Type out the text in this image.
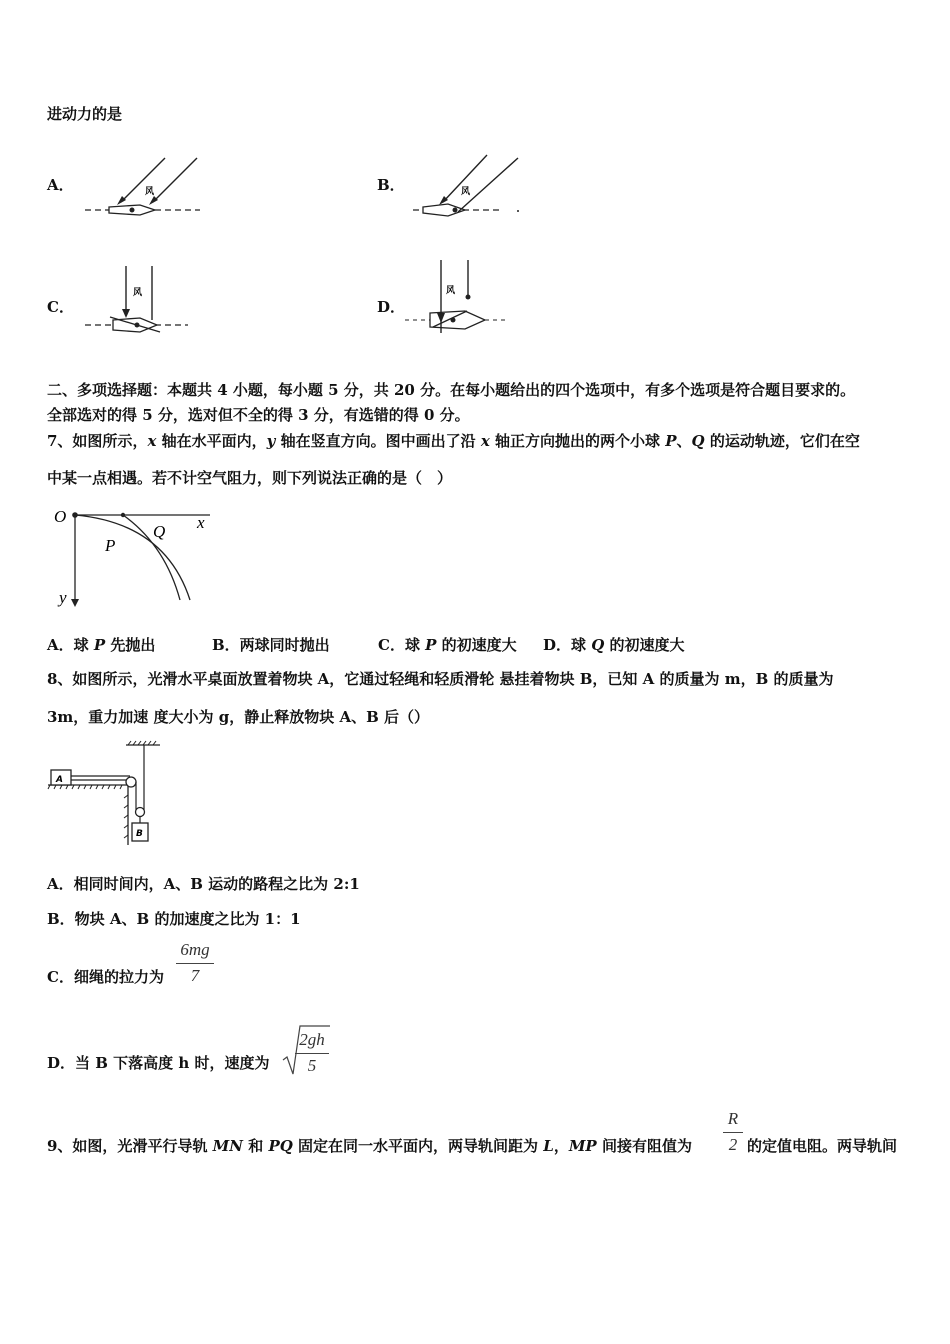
进动力的是
A．	风	B．	风
C．
风
D．
风
二、多项选择题：本题共 4 小题，每小题 5 分，共 20 分。在每小题给出的四个选项中，有多个选项是符合题目要求的。
全部选对的得 5 分，选对但不全的得 3 分，有选错的得 0 分。
7、如图所示，x 轴在水平面内，y 轴在竖直方向。图中画出了沿 x 轴正方向抛出的两个小球 P、Q 的运动轨迹，它们在空
中某一点相遇。若不计空气阻力，则下列说法正确的是（　）
O	x
y
P
Q
A．球 P 先抛出	B．两球同时抛出	C．球 P 的初速度大 D．球 Q 的初速度大
8、如图所示，光滑水平桌面放置着物块 A，它通过轻绳和轻质滑轮 悬挂着物块 B，已知 A 的质量为 m，B 的质量为
3m，重力加速 度大小为 g，静止释放物块 A、B 后（）
A
B
A．相同时间内，A、B 运动的路程之比为 2:1
B．物块 A、B 的加速度之比为 1：1
C．细绳的拉力为
6mg
7
D．当 B 下落高度 h 时，速度为
2gh
5
9、如图，光滑平行导轨 MN 和 PQ 固定在同一水平面内，两导轨间距为 L，MP 间接有阻值为
R
2 的定值电阻。两导轨间
